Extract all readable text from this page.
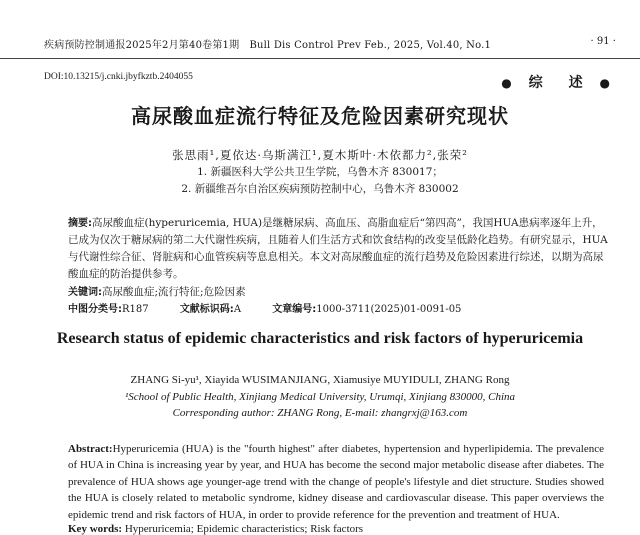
疾病预防控制通报2025年2月第40卷第1期 Bull Dis Control Prev Feb., 2025, Vol.40, No.1	· 91 ·
DOI:10.13215/j.cnki.jbyfkztb.2404055	● 综　述 ●
高尿酸血症流行特征及危险因素研究现状
张思雨¹,夏依达·乌斯满江¹,夏木斯叶·木依都力²,张荣²
1. 新疆医科大学公共卫生学院，乌鲁木齐 830017；
2. 新疆维吾尔自治区疾病预防控制中心，乌鲁木齐 830002
摘要:高尿酸血症(hyperuricemia, HUA)是继糖尿病、高血压、高脂血症后“第四高”，我国HUA患病率逐年上升，已成为仅次于糖尿病的第二大代谢性疾病，且随着人们生活方式和饮食结构的改变呈低龄化趋势。有研究显示，HUA与代谢性综合征、肾脏病和心血管疾病等息息相关。本文对高尿酸血症的流行趋势及危险因素进行综述，以期为高尿酸血症的防治提供参考。
关键词:高尿酸血症;流行特征;危险因素
中图分类号:R187	文献标识码:A	文章编号:1000-3711(2025)01-0091-05
Research status of epidemic characteristics and risk factors of hyperuricemia
ZHANG Si-yu¹, Xiayida WUSIMANJIANG, Xiamusiye MUYIDULI, ZHANG Rong
¹School of Public Health, Xinjiang Medical University, Urumqi, Xinjiang 830000, China
Corresponding author: ZHANG Rong, E-mail: zhangrxj@163.com
Abstract:Hyperuricemia (HUA) is the "fourth highest" after diabetes, hypertension and hyperlipidemia. The prevalence of HUA in China is increasing year by year, and HUA has become the second major metabolic disease after diabetes. The prevalence of HUA shows age younger-age trend with the change of people's lifestyle and diet structure. Studies showed the HUA is closely related to metabolic syndrome, kidney disease and cardiovascular disease. This paper overviews the epidemic trend and risk factors of HUA, in order to provide reference for the prevention and treatment of HUA.
Key words: Hyperuricemia; Epidemic characteristics; Risk factors
